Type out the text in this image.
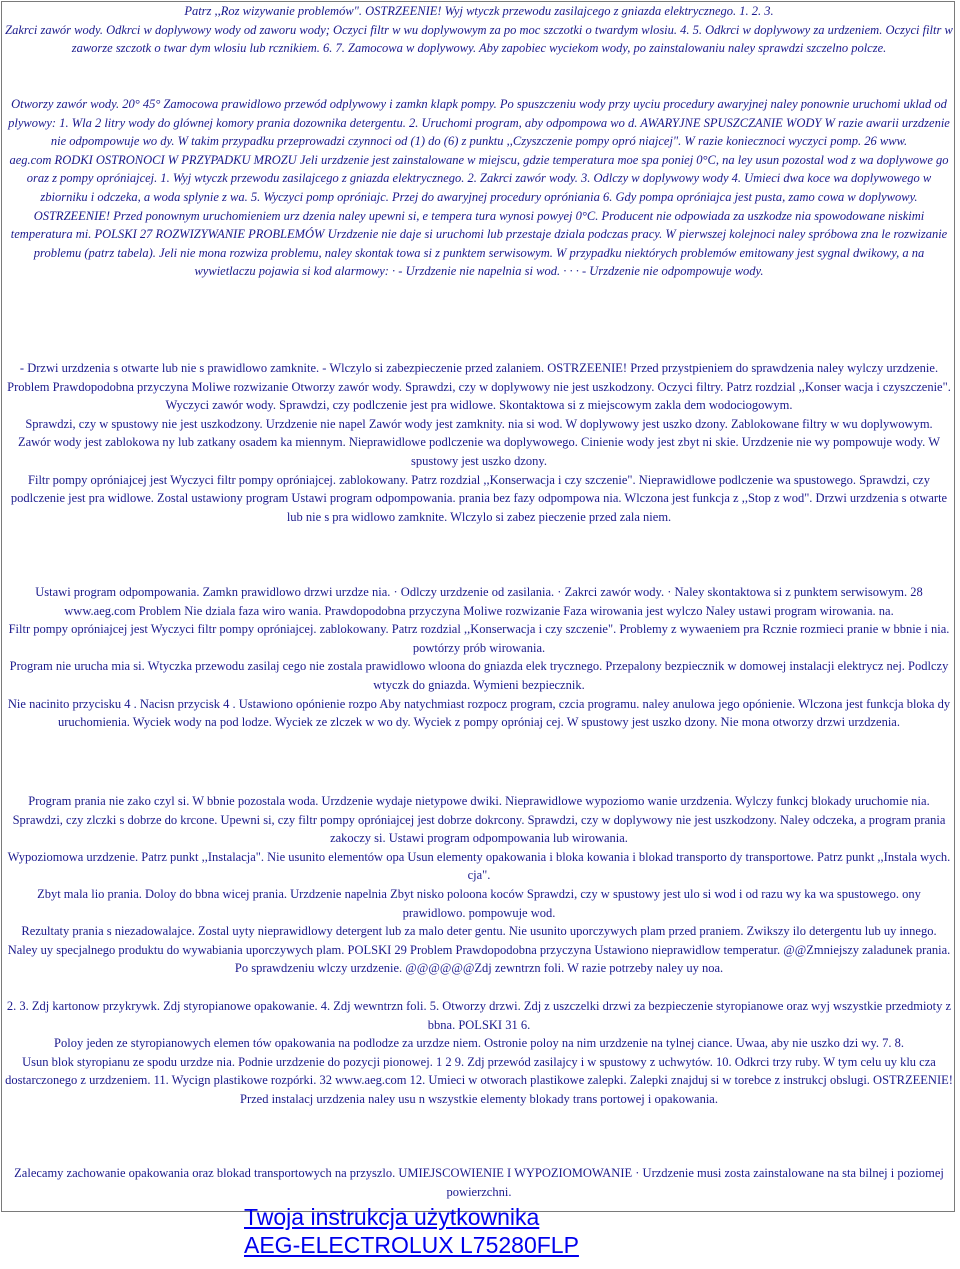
Patrz ,,Roz wizywanie problemów". OSTRZEENIE! Wyj wtyczk przewodu zasilajcego z gniazda elektrycznego. 1. 2. 3.

Zakrci zawór wody. Odkrci w doplywowy wody od zaworu wody; Oczyci filtr w wu doplywowym za po moc szczotki o twardym wlosiu. 4. 5. Odkrci w doplywowy za urdzeniem. Oczyci filtr w zaworze szczotk o twar dym wlosiu lub rcznikiem. 6. 7. Zamocowa w doplywowy. Aby zapobiec wyciekom wody, po zainstalowaniu naley sprawdzi szczelno polcze.

Otworzy zawór wody. 20° 45° Zamocowa prawidlowo przewód odplywowy i zamkn klapk pompy. Po spuszczeniu wody przy uyciu procedury awaryjnej naley ponownie uruchomi uklad od plywowy: 1. Wla 2 litry wody do glównej komory prania dozownika detergentu. 2. Uruchomi program, aby odpompowa wo d. AWARYJNE SPUSZCZANIE WODY W razie awarii urzdzenie nie odpompowuje wo dy. W takim przypadku przeprowadzi czynnoci od (1) do (6) z punktu ,,Czyszczenie pompy opró niajcej". W razie koniecznoci wyczyci pomp. 26 www.

aeg.com RODKI OSTRONOCI W PRZYPADKU MROZU Jeli urzdzenie jest zainstalowane w miejscu, gdzie temperatura moe spa poniej 0°C, na ley usun pozostal wod z wa doplywowe go oraz z pompy opróniajcej. 1. Wyj wtyczk przewodu zasilajcego z gniazda elektrycznego. 2. Zakrci zawór wody. 3. Odlczy w doplywowy wody 4. Umieci dwa koce wa doplywowego w zbiorniku i odczeka, a woda splynie z wa. 5. Wyczyci pomp opróniajc. Przej do awaryjnej procedury opróniania 6. Gdy pompa opróniajca jest pusta, zamo cowa w doplywowy. OSTRZEENIE! Przed ponownym uruchomieniem urz dzenia naley upewni si, e tempera tura wynosi powyej 0°C. Producent nie odpowiada za uszkodze nia spowodowane niskimi temperatura mi. POLSKI 27 ROZWIZYWANIE PROBLEMÓW Urzdzenie nie daje si uruchomi lub przestaje dziala podczas pracy. W pierwszej kolejnoci naley spróbowa zna le rozwizanie problemu (patrz tabela). Jeli nie mona rozwiza problemu, naley skontak towa si z punktem serwisowym. W przypadku niektórych problemów emitowany jest sygnal dwikowy, a na wywietlaczu pojawia si kod alarmowy: · - Urzdzenie nie napelnia si wod. · · · - Urzdzenie nie odpompowuje wody.

- Drzwi urzdzenia s otwarte lub nie s prawidlowo zamknite. - Wlczylo si zabezpieczenie przed zalaniem. OSTRZEENIE! Przed przystpieniem do sprawdzenia naley wylczy urzdzenie. Problem Prawdopodobna przyczyna Moliwe rozwizanie Otworzy zawór wody. Sprawdzi, czy w doplywowy nie jest uszkodzony. Oczyci filtry. Patrz rozdzial ,,Konser wacja i czyszczenie". Wyczyci zawór wody. Sprawdzi, czy podlczenie jest pra widlowe. Skontaktowa si z miejscowym zakla dem wodociogowym.

Sprawdzi, czy w spustowy nie jest uszkodzony. Urzdzenie nie napel Zawór wody jest zamknity. nia si wod. W doplywowy jest uszko dzony. Zablokowane filtry w wu doplywowym.

Zawór wody jest zablokowa ny lub zatkany osadem ka miennym. Nieprawidlowe podlczenie wa doplywowego. Cinienie wody jest zbyt ni skie. Urzdzenie nie wy pompowuje wody. W spustowy jest uszko dzony.

Filtr pompy opróniajcej jest Wyczyci filtr pompy opróniajcej. zablokowany. Patrz rozdzial ,,Konserwacja i czy szczenie". Nieprawidlowe podlczenie wa spustowego. Sprawdzi, czy podlczenie jest pra widlowe. Zostal ustawiony program Ustawi program odpompowania. prania bez fazy odpompowa nia. Wlczona jest funkcja z ,,Stop z wod". Drzwi urzdzenia s otwarte lub nie s pra widlowo zamknite. Wlczylo si zabez pieczenie przed zala niem.

Ustawi program odpompowania. Zamkn prawidlowo drzwi urzdze nia. · Odlczy urzdzenie od zasilania. · Zakrci zawór wody. · Naley skontaktowa si z punktem serwisowym. 28 www.aeg.com Problem Nie dziala faza wiro wania. Prawdopodobna przyczyna Moliwe rozwizanie Faza wirowania jest wylczo Naley ustawi program wirowania. na.

Filtr pompy opróniajcej jest Wyczyci filtr pompy opróniajcej. zablokowany. Patrz rozdzial ,,Konserwacja i czy szczenie". Problemy z wywaeniem pra Rcznie rozmieci pranie w bbnie i nia. powtórzy prób wirowania.

Program nie urucha mia si. Wtyczka przewodu zasilaj cego nie zostala prawidlowo wloona do gniazda elek trycznego. Przepalony bezpiecznik w domowej instalacji elektrycz nej. Podlczy wtyczk do gniazda. Wymieni bezpiecznik.

Nie nacinito przycisku 4 . Nacisn przycisk 4 . Ustawiono opónienie rozpo Aby natychmiast rozpocz program, czcia programu. naley anulowa jego opónienie. Wlczona jest funkcja bloka dy uruchomienia. Wyciek wody na pod lodze. Wyciek ze zlczek w wo dy. Wyciek z pompy opróniaj cej. W spustowy jest uszko dzony. Nie mona otworzy drzwi urzdzenia.

Program prania nie zako czyl si. W bbnie pozostala woda. Urzdzenie wydaje nietypowe dwiki. Nieprawidlowe wypoziomo wanie urzdzenia. Wylczy funkcj blokady uruchomie nia. Sprawdzi, czy zlczki s dobrze do krcone. Upewni si, czy filtr pompy opróniajcej jest dobrze dokrcony. Sprawdzi, czy w doplywowy nie jest uszkodzony. Naley odczeka, a program prania zakoczy si. Ustawi program odpompowania lub wirowania.

Wypoziomowa urzdzenie. Patrz punkt ,,Instalacja". Nie usunito elementów opa Usun elementy opakowania i bloka kowania i blokad transporto dy transportowe. Patrz punkt ,,Instala wych. cja".

Zbyt mala lio prania. Doloy do bbna wicej prania. Urzdzenie napelnia Zbyt nisko poloona koców Sprawdzi, czy w spustowy jest ulo si wod i od razu wy ka wa spustowego. ony prawidlowo. pompowuje wod.

Rezultaty prania s niezadowalajce. Zostal uyty nieprawidlowy detergent lub za malo deter gentu. Nie usunito uporczywych plam przed praniem. Zwikszy ilo detergentu lub uy innego. Naley uy specjalnego produktu do wywabiania uporczywych plam. POLSKI 29 Problem Prawdopodobna przyczyna Ustawiono nieprawidlow temperatur. @@Zmniejszy zaladunek prania. Po sprawdzeniu wlczy urzdzenie. @@@@@@Zdj zewntrzn foli. W razie potrzeby naley uy noa.

2. 3. Zdj kartonow przykrywk. Zdj styropianowe opakowanie. 4. Zdj wewntrzn foli. 5. Otworzy drzwi. Zdj z uszczelki drzwi za bezpieczenie styropianowe oraz wyj wszystkie przedmioty z bbna. POLSKI 31 6.

Poloy jeden ze styropianowych elemen tów opakowania na podlodze za urzdze niem. Ostronie poloy na nim urzdzenie na tylnej ciance. Uwaa, aby nie uszko dzi wy. 7. 8.

Usun blok styropianu ze spodu urzdze nia. Podnie urzdzenie do pozycji pionowej. 1 2 9. Zdj przewód zasilajcy i w spustowy z uchwytów. 10. Odkrci trzy ruby. W tym celu uy klu cza dostarczonego z urzdzeniem. 11. Wycign plastikowe rozpórki. 32 www.aeg.com 12. Umieci w otworach plastikowe zalepki. Zalepki znajduj si w torebce z instrukcj obslugi. OSTRZEENIE! Przed instalacj urzdzenia naley usu n wszystkie elementy blokady trans portowej i opakowania.

Zalecamy zachowanie opakowania oraz blokad transportowych na przyszlo. UMIEJSCOWIENIE I WYPOZIOMOWANIE · Urzdzenie musi zosta zainstalowane na sta bilnej i poziomej powierzchni.

Twoja instrukcja użytkownika
AEG-ELECTROLUX L75280FLP
